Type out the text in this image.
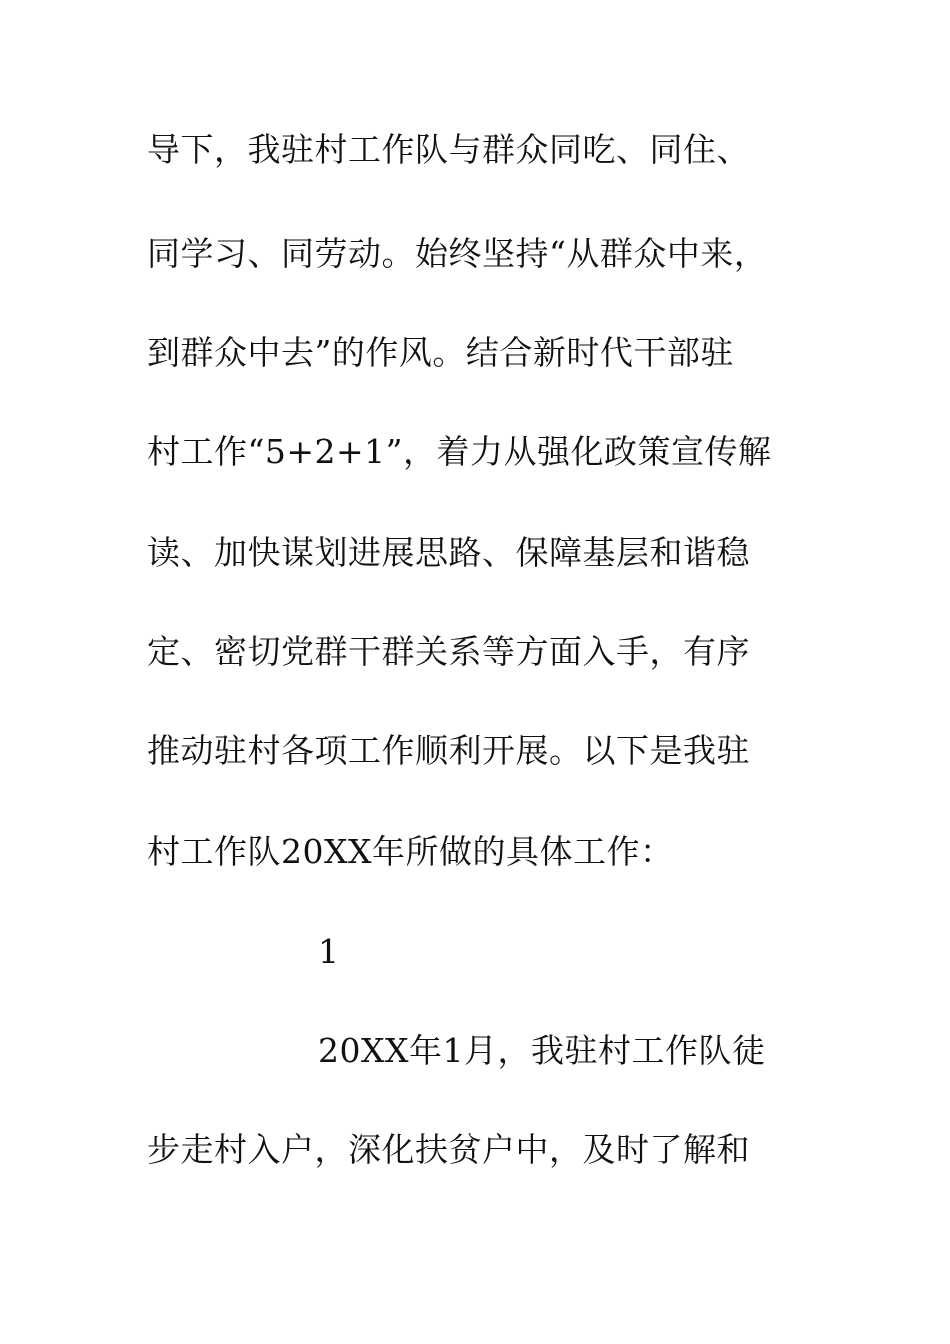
导下，我驻村工作队与群众同吃、同住、
同学习、同劳动。始终坚持“从群众中来，
到群众中去”的作风。结合新时代干部驻
村工作“5+2+1”，着力从强化政策宣传解
读、加快谋划进展思路、保障基层和谐稳
定、密切党群干群关系等方面入手，有序
推动驻村各项工作顺利开展。以下是我驻
村工作队20XX年所做的具体工作：
1
20XX年1月，我驻村工作队徒
步走村入户，深化扶贫户中，及时了解和
